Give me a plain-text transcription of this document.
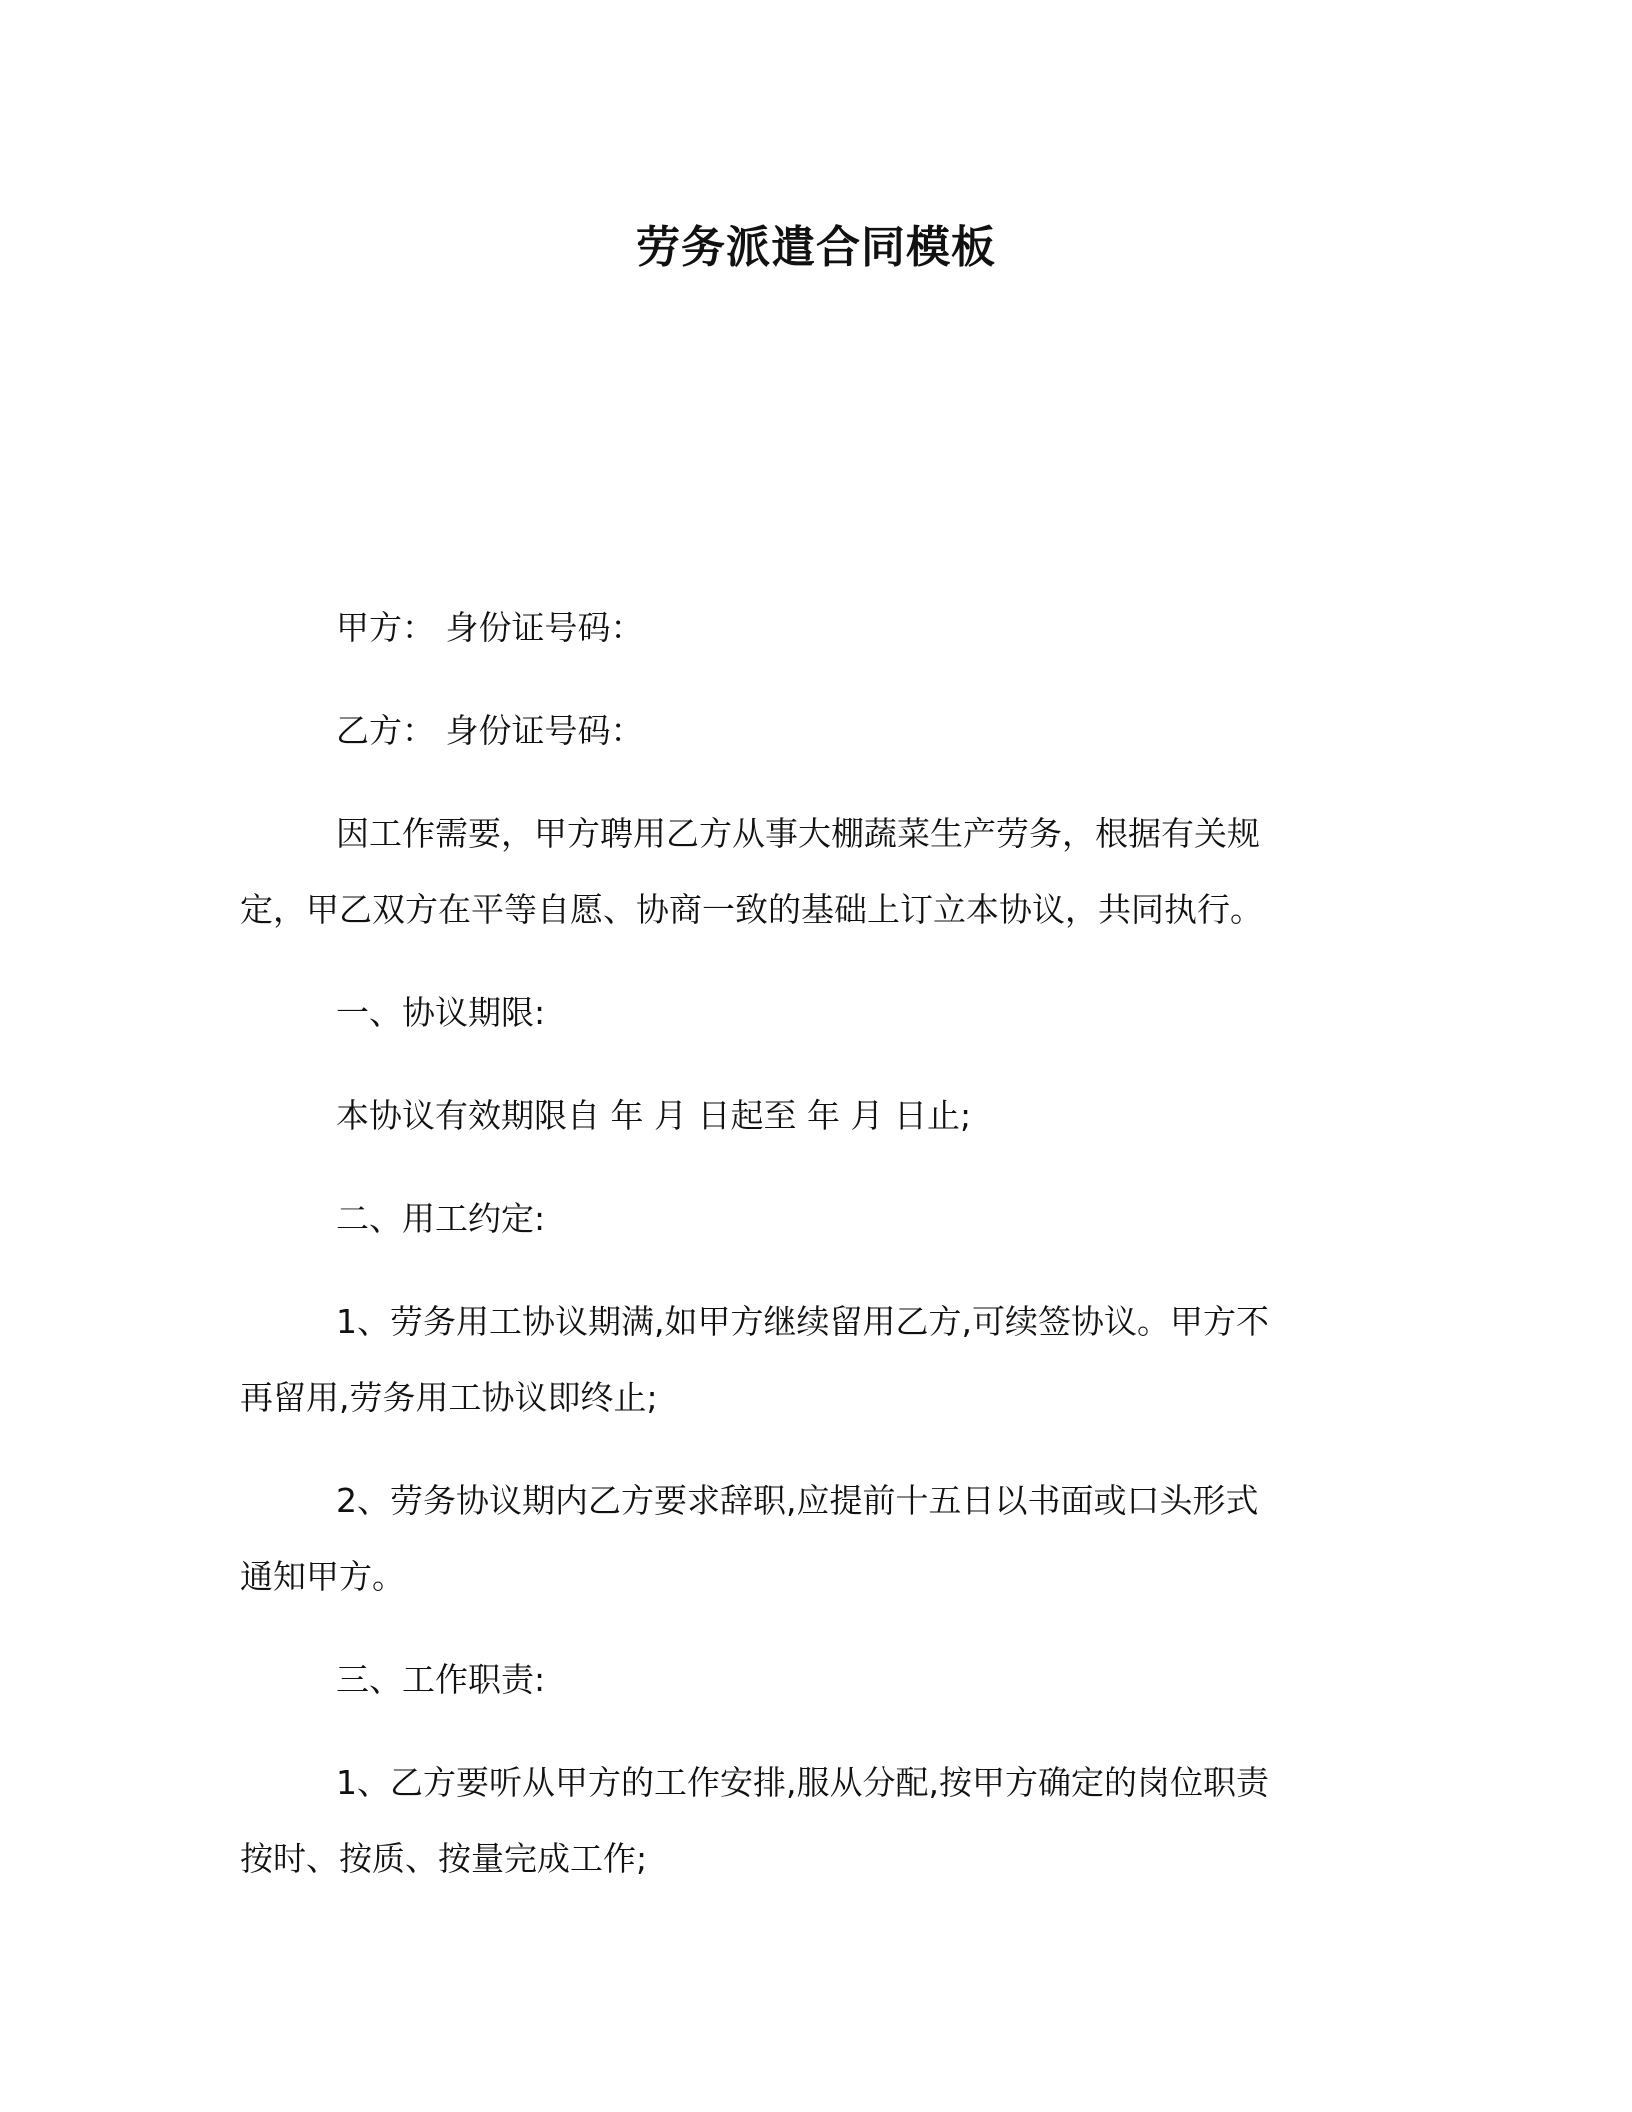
劳务派遣合同模板

甲方： 身份证号码：

乙方： 身份证号码：

因工作需要，甲方聘用乙方从事大棚蔬菜生产劳务，根据有关规
定，甲乙双方在平等自愿、协商一致的基础上订立本协议，共同执行。

一、协议期限:

本协议有效期限自 年 月 日起至 年 月 日止;

二、用工约定:

1、劳务用工协议期满,如甲方继续留用乙方,可续签协议。甲方不
再留用,劳务用工协议即终止;

2、劳务协议期内乙方要求辞职,应提前十五日以书面或口头形式
通知甲方。

三、工作职责:

1、乙方要听从甲方的工作安排,服从分配,按甲方确定的岗位职责
按时、按质、按量完成工作;
